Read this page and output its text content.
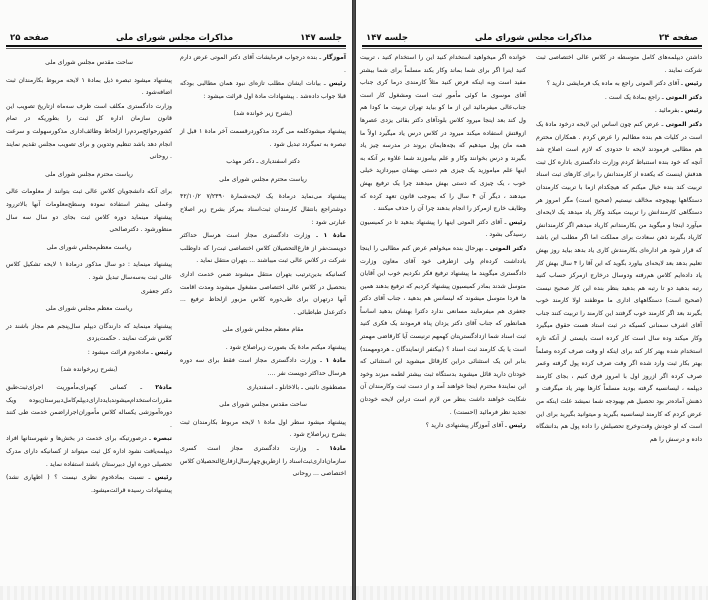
جلسه ۱۴۷
مذاکرات مجلس شورای ملی
صفحه ۲۵

آموزگار ـ بنده درجواب فرمایشات آقای دکتر الموتی عرض دارم .

رئیس ـ بیانات ایشان مطلب تازه‌ای نبود همان مطالبی بودکه قبلا جواب داده‌شد . پیشنهادات مادهٔ اول قرائت میشود :

(بشرح زیر خوانده شد)

پیشنهاد میشودکلمه می گردد مذکوردرقسمت آخر مادهٔ ۱ قبل از تبصره به تمیگردد تبدیل شود .

دکتر اسفندیاری ـ دکتر مهذب

ریاست محترم مجلس شورای ملی

پیشنهاد می‌نماید درمادهٔ یک لایحه‌شمارهٔ ۷/۲۳۹۰ ۴۲/۱۰/۲ دوشتراجع بانتقال کارمندان ثبت‌اسناد بمرکز بشرح زیر اصلاح عبارتی شود :

مادهٔ ۱ ـ وزارت دادگستری مجاز است هرسال حداکثر دویست‌نفر از فارغ‌التحصیلان کلاس اختصاصی ثبت‌را که داوطلب شرکت در کلاس عالی ثبت میباشند ... بتهران منتقل نماید .

کسانیکه بدین‌ترتیب بتهران منتقل میشوند ضمن خدمت اداری بتحصیل در کلاس عالی اختصاصی مشغول میشوند ومدت اقامت آنها درتهران برای طی‌دوره کلاس مزبور ازلحاظ ترفیع ... دکترعدل طباطبائی .

مقام معظم مجلس شورای ملی

پیشنهاد میکنم مادهٔ یک بصورت زیراصلاح شود .

مادهٔ ۱ ـ وزارت دادگستری مجاز است فقط برای سه دوره هرسال حداکثر دویست نفر ....

مصطفوی نائینی ـ بالاخانلو ـ اسفندیاری

ساحت مقدس مجلس شورای ملی

پیشنهاد میشود سطر اول مادهٔ ۱ لایحه مربوط بکارمندان ثبت بشرح زیراصلاح شود .

مادهٔ۱ ـ وزارت دادگستری مجاز است کسری سازمان‌اداری‌ثبت‌اسناد را ازطریق‌چهارسال‌ازفارغ‌التحصیلان کلاس اختصاصی ... روحانی

ساحت مقدس مجلس شورای ملی

پیشنهاد میشود تبصره ذیل بمادهٔ ۱ لایحه مربوط بکارمندان ثبت اضافه‌شود .

وزارت دادگستری مکلف است ظرف سه‌ماه ازتاریخ تصویب این قانون سازمان اداره کل ثبت را بطوریکه در تمام کشورحوائج‌مردم‌را ازلحاظ وظائف‌اداری مذکورسهولت و سرعت انجام‌ دهد باشد تنظیم وتدوین و برای تصویب مجلس تقدیم نمایند . روحانی

ریاست محترم مجلس شورای ملی

برای آنکه دانشجویان کلاس عالی ثبت بتوانند از معلومات عالی وعملی بیشتر استفاده نموده وسطح‌معلومات آنها بالاتررود پیشنهاد مینماید دوره کلاس ثبت بجای دو سال سه سال منظورشود . دکترصالحی

ریاست معظم‌مجلس شورای ملی

پیشنهاد مینماید : دو سال مذکور درمادهٔ ۱ لایحه تشکیل کلاس عالی ثبت به‌سه‌سال تبدیل شود .

دکتر جعفری

ریاست معظم مجلس شورای ملی

پیشنهاد مینماید که دارندگان دیپلم سال‌پنجم هم مجاز باشند در کلاس شرکت نمایند . حکمت‌یزدی

رئیس ـ مادهٔ‌دوم قرائت میشود :

(بشرح زیرخوانده شد)

مادهٔ۲ ـ کسانی کهبرای‌مأموریت اجرای‌ثبت‌طبق مقررات‌استخدام‌میشوند‌باید‌دارای‌دیپلم‌کامل‌دبیرستان‌بوده ویک دوره‌آموزشی یکساله کلاس مأموران‌اجرا‌را‌ضمن خدمت طی کنند .

تبصره ـ درصورتیکه برای خدمت در بخش‌ها و شهرستانها افراد دیپلمه‌یافت نشود اداره کل ثبت میتواند از کسانیکه دارای مدرک تحصیلی دوره اول دبیرستان باشند استفاده نماید .

رئیس ـ نسبت بمادهٔ‌دوم نظری نیست ؟ ( اظهاری نشد) پیشنهادات رسیده قرائت‌میشود.

صفحه ۲۴
مذاکرات مجلس شورای ملی
جلسه ۱۴۷

داشتن دیپلمه‌های کامل متوسطه در کلاس عالی اختصاصی ثبت شرکت نمایند .

رئیس ـ آقای دکتر الموتی راجع به ماده یک فرمایشی دارید ؟

دکتر الموتی ـ راجع بمادهٔ یک است .

رئیس ـ بفرمائید .

دکتر الموتی ـ عرض کنم چون اساس این لایحه درخود مادهٔ یک است در کلیات هم بنده مطالبم را عرض کردم . همکاران محترم هم مطالبی فرمودند لایحه تا حدودی که لازم است اصلاح شد آنچه که خود بنده استنباط کردم وزارت دادگستری باداره کل ثبت هدفش اینست که یکعده از کارمندانش را برای کارهای ثبت اسناد تربیت کند بنده خیال میکنم که هیچکدام ازما با تربیت کارمندان دستگاهها بهیچوجه مخالف نیستیم (صحیح است) مگر امروز هر دستگاهی کارمندانش را تربیت میکند وکار یاد میدهد یک لایحه‌ای میآورد اینجا و میگوید من بکارمندانم کاریاد میدهم اگر کارمندانش کاریاد بگیرند ذهن سعادت برای مملکت اما اگر مطلب این باشد که قرار شود هر اداره‌ای بکارمندش کاری یاد بدهد بیاید روز بهش تعلیم بدهد بعد لایحه‌ای بیاورد بگوید که این آقا را ۴ سال بهش کار یاد داده‌ایم کلاس هم‌رفته ودوسال درخارج ازمرکز حساب کنید رتبه بدهید دو تا رتبه هم بدهید بنظر بنده این کار صحیح نیست (صحیح است) دستگاههای اداری ما موظفند اولا کارمند خوب بگیرند بعد اگر کارمند خوب گرفتند این کارمند را تربیت کنند جناب آقای اشرف سمنانی کسیکه در ثبت استاد هست حقوق میگیرد وکار میکند وده سال است کار کرده است بایستی از آنکه تازه استخدام شده بهتر کار کند برای اینکه او وقت صرف کرده وصلماً بهتر بکار ثبت وارد شده اگر وقت صرف کرده پول گرفته وعمر صرف کرده اگر ازروز اول با امروز فرق کنیم ، بجای کارمند دیپلمه ، لیسانسیه گرفته بودید مسلماً کارها بهتر یاد میگرفت و ذهنش آماده‌تر بود تحصیل هم بهبودجه شما نمیشد علت اینکه من عرض کردم که کارمند لیسانسیه بگیرید و میتوانید بگیرید برای این است که او خودش وقت‌وخرج تحصیلش را داده پول هم بدانشگاه داده و درسش را هم

خوانده اگر میخواهید استخدام کنید این را استخدام کنید ، تربیت کنید اینرا اگر برای شما بماند وکار بکند مسلماً برای شما بیشتر مفید است وبه اینکه فرض کنید مثلاً کارمندی درما کری جناب آقای موسوی ما کوئی مأمور ثبت است ومشغول کار است جناب‌عالی میفرمائید این از ما کو بیاید تهران تربیت ما کودا هم ول کند بعد اینجا میرود کلاس بلودآقای دکتر بقائی یزدی عصرها ازوقتش استفاده میکند میرود در کلاس درس یاد میگیرد اولاً ما همه مان پول میدهیم که بچه‌هایمان بروند در مدرسه چیز یاد بگیرند و درس بخوانند وکار و علم بیاموزند شما علاوه بر آنکه به اینها علم میاموزید یک چیزی هم دستی بهشان میپردازید خیلی خوب ، یک چیزی که دستی بهش میدهند چرا یک ترفیع بهش میدهند ، دیگر آن ۴ سال را که بموجب قانون تعهد کرده که وظایف خارج ازمرکز را انجام بدهند چرا آن را حذف میکنند .

رئیس ـ آقای دکتر الموتی اینها را پیشنهاد بدهید تا در کمیسیون رسیدگی بشود .

دکتر الموتی ـ بهرحال بنده میخواهم عرض کنم مطالبی را اینجا یادداشت کرده‌ام ولی ازطرفی خود آقای معاون وزارت دادگستری میگویند ما پیشنهاد ترفیع فکر نکردیم خوب این آقایان متوسل شدند بمادر کمیسیون پیشنهاد کردیم که ترفیع بدهند همین ها فردا متوسل میشوند که لیسانس هم بدهید ، جناب آقای دکتر جعفری هم میفرمایند مسانعی ندارد دکترا بهشان بدهید اساساً همانطور که جناب آقای دکتر یزدان پناه فرمودند یک فکری کنید ثبت اسناد شما ازدادگستریتان کهمهم ترنیست آیا کارقاضی مهمتر است یا یک کارمند ثبت اسناد ؟ (بیکتفر ازنمایندگان ـ هردومهمند) بنابر این یک استثنائی دراین کارقائل میشوید این استثنائی که خودتان دارید قائل میشوید بدستگاه ثبت بیشتر لطمه میزند وخود این نمایندهٔ محترم اینجا خواهند آمد و از دست ثبت وکارمندان آن شکایت خواهند داشت بنظر من لازم است دراین لایحه خودتان تجدید نظر فرمائید (احسنت) .

رئیس ـ آقای آموزگار پیشنهادی دارید ؟
